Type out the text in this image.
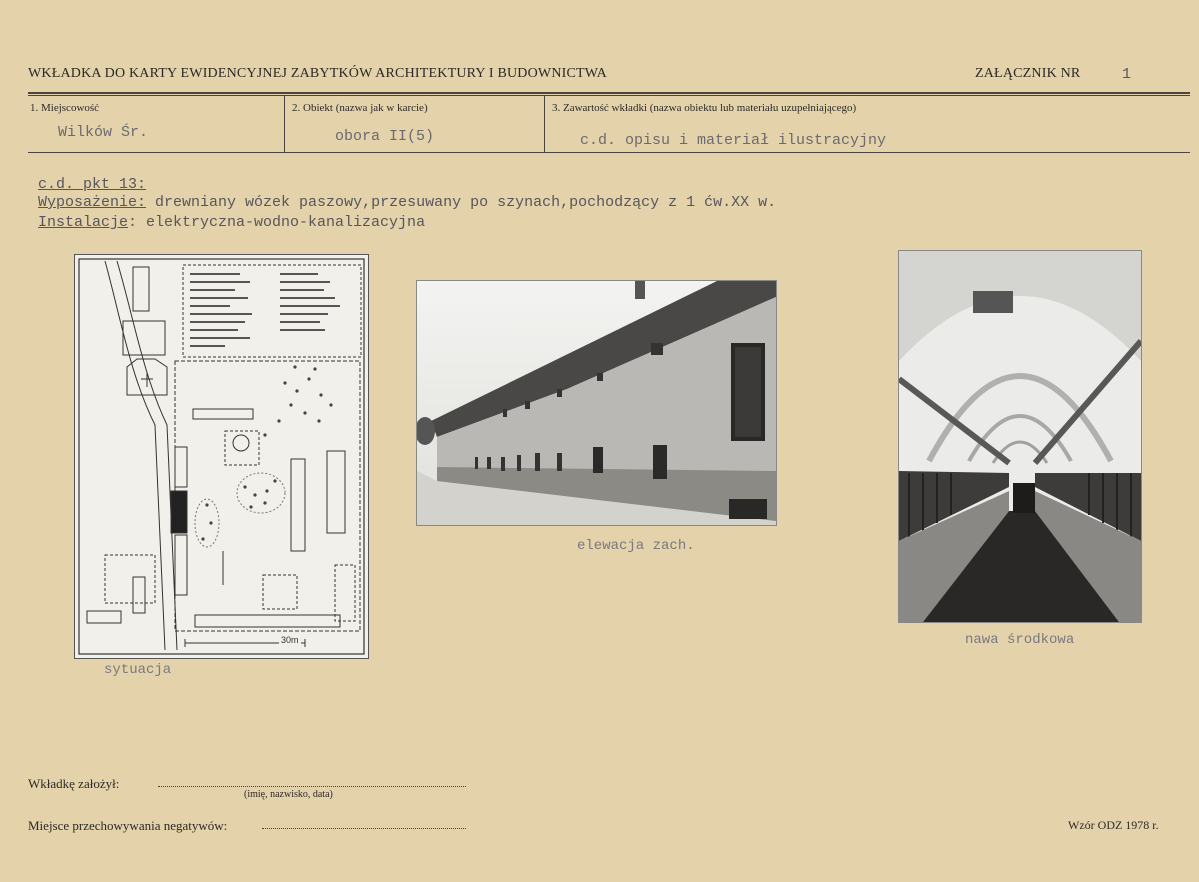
WKŁADKA DO KARTY EWIDENCYJNEJ ZABYTKÓW ARCHITEKTURY I BUDOWNICTWA	ZAŁĄCZNIK NR	1
1. Miejscowość
Wilków Śr.
2. Obiekt (nazwa jak w karcie)
obora II(5)
3. Zawartość wkładki (nazwa obiektu lub materiału uzupełniającego)
c.d. opisu i materiał ilustracyjny
c.d. pkt 13:
Wyposażenie: drewniany wózek paszowy,przesuwany po szynach,pochodzący z 1 ćw.XX w.
Instalacje: elektryczna-wodno-kanalizacyjna
30m
sytuacja
elewacja zach.
nawa środkowa
Wkładkę założył:
(imię, nazwisko, data)
Miejsce przechowywania negatywów:	Wzór ODZ 1978 r.
